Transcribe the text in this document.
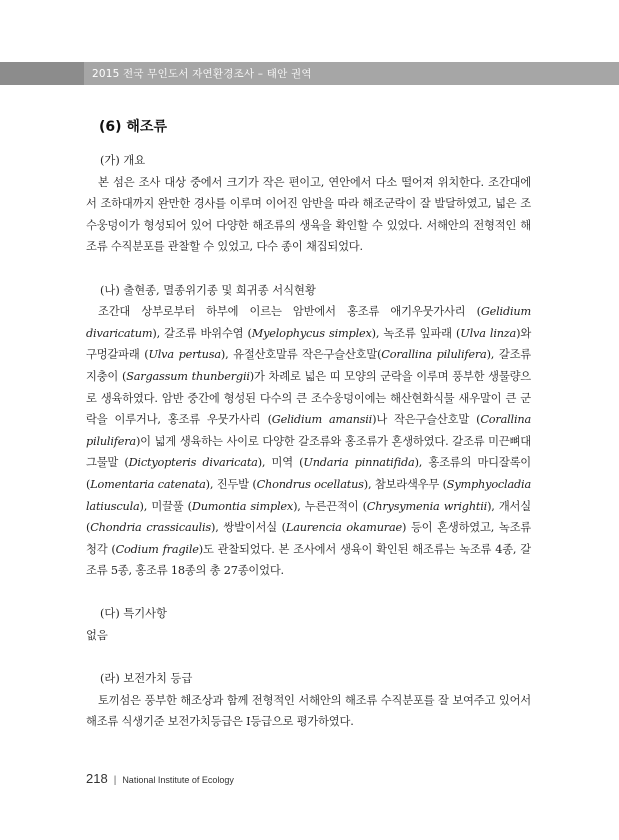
2015 전국 무인도서 자연환경조사 – 태안 권역
(6) 해조류

(가) 개요

본 섬은 조사 대상 중에서 크기가 작은 편이고, 연안에서 다소 떨어져 위치한다. 조간대에서 조하대까지 완만한 경사를 이루며 이어진 암반을 따라 해조군락이 잘 발달하였고, 넓은 조수웅덩이가 형성되어 있어 다양한 해조류의 생육을 확인할 수 있었다. 서해안의 전형적인 해조류 수직분포를 관찰할 수 있었고, 다수 종이 채집되었다.

(나) 출현종, 멸종위기종 및 희귀종 서식현황

조간대 상부로부터 하부에 이르는 암반에서 홍조류 애기우뭇가사리 (Gelidium divaricatum), 갈조류 바위수염 (Myelophycus simplex), 녹조류 잎파래 (Ulva linza)와 구멍갈파래 (Ulva pertusa), 유절산호말류 작은구슬산호말(Corallina pilulifera), 갈조류 지충이 (Sargassum thunbergii)가 차례로 넓은 띠 모양의 군락을 이루며 풍부한 생물량으로 생육하였다. 암반 중간에 형성된 다수의 큰 조수웅덩이에는 해산현화식물 새우말이 큰 군락을 이루거나, 홍조류 우뭇가사리 (Gelidium amansii)나 작은구슬산호말 (Corallina pilulifera)이 넓게 생육하는 사이로 다양한 갈조류와 홍조류가 혼생하였다. 갈조류 미끈뼈대그물말 (Dictyopteris divaricata), 미역 (Undaria pinnatifida), 홍조류의 마디잘록이 (Lomentaria catenata), 진두발 (Chondrus ocellatus), 참보라색우무 (Symphyocladia latiuscula), 미끌풀 (Dumontia simplex), 누른끈적이 (Chrysymenia wrightii), 개서실 (Chondria crassicaulis), 쌍발이서실 (Laurencia okamurae) 등이 혼생하였고, 녹조류 청각 (Codium fragile)도 관찰되었다. 본 조사에서 생육이 확인된 해조류는 녹조류 4종, 갈조류 5종, 홍조류 18종의 총 27종이었다.

(다) 특기사항

없음

(라) 보전가치 등급

토끼섬은 풍부한 해조상과 함께 전형적인 서해안의 해조류 수직분포를 잘 보여주고 있어서 해조류 식생기준 보전가치등급은 Ⅰ등급으로 평가하였다.

218 | National Institute of Ecology
